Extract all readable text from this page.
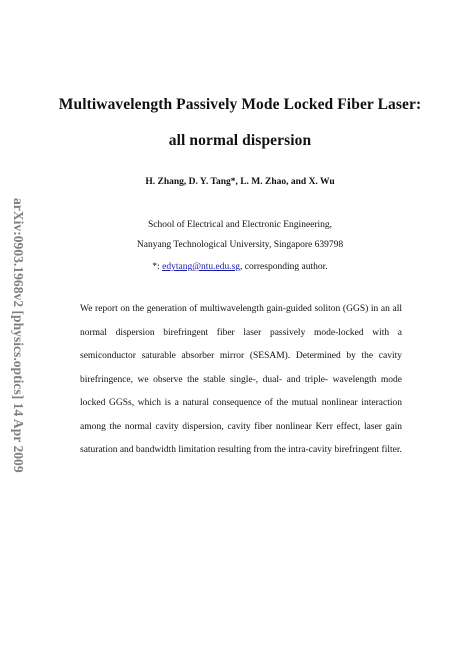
arXiv:0903.1968v2 [physics.optics] 14 Apr 2009
Multiwavelength Passively Mode Locked Fiber Laser:
all normal dispersion
H. Zhang, D. Y. Tang*, L. M. Zhao, and X. Wu
School of Electrical and Electronic Engineering,
Nanyang Technological University, Singapore 639798
*: edytang@ntu.edu.sg, corresponding author.
We report on the generation of multiwavelength gain-guided soliton (GGS) in an all normal dispersion birefringent fiber laser passively mode-locked with a semiconductor saturable absorber mirror (SESAM). Determined by the cavity birefringence, we observe the stable single-, dual- and triple- wavelength mode locked GGSs, which is a natural consequence of the mutual nonlinear interaction among the normal cavity dispersion, cavity fiber nonlinear Kerr effect, laser gain saturation and bandwidth limitation resulting from the intra-cavity birefringent filter.
